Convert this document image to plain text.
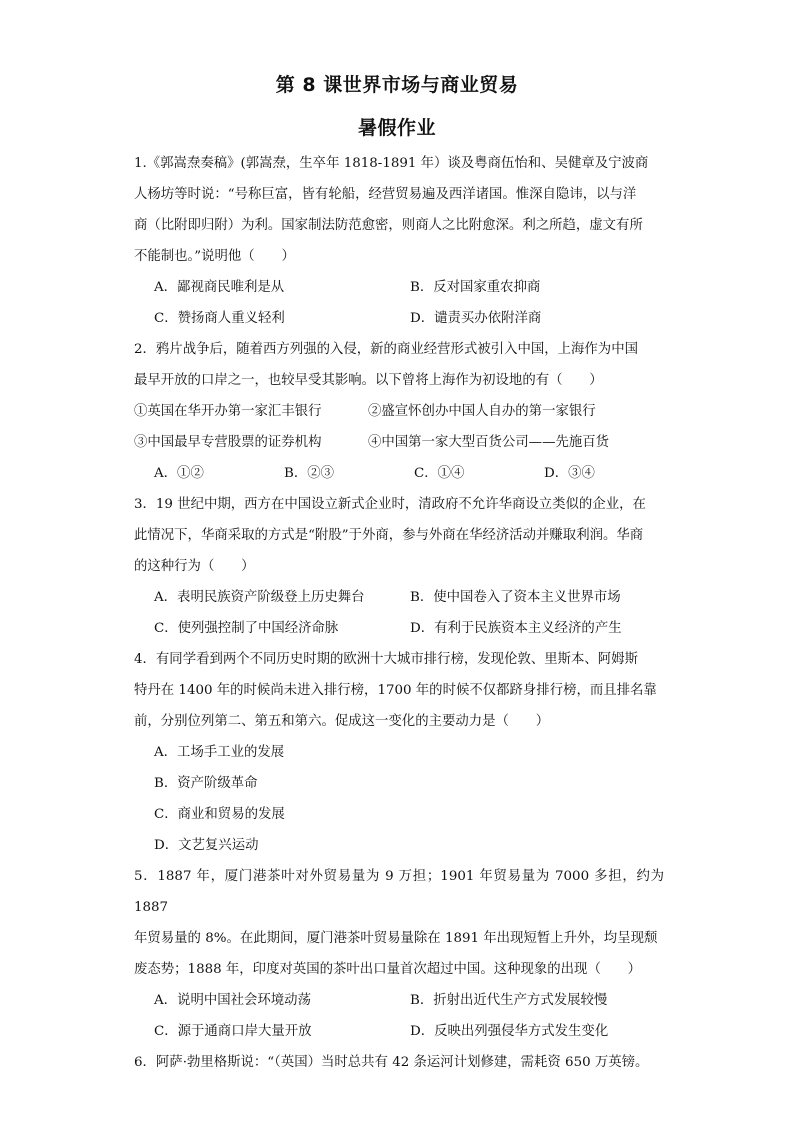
第 8 课世界市场与商业贸易
暑假作业

1.《郭嵩焘奏稿》(郭嵩焘，生卒年 1818-1891 年）谈及粤商伍怡和、吴健章及宁波商

人杨坊等时说：“号称巨富，皆有轮船，经营贸易遍及西洋诸国。惟深自隐讳，以与洋

商（比附即归附）为利。国家制法防范愈密，则商人之比附愈深。利之所趋，虚文有所

不能制也。”说明他（　　）

A．鄙视商民唯利是从	B．反对国家重农抑商
C．赞扬商人重义轻利	D．谴责买办依附洋商

2．鸦片战争后，随着西方列强的入侵，新的商业经营形式被引入中国，上海作为中国

最早开放的口岸之一，也较早受其影响。以下曾将上海作为初设地的有（　　）

①英国在华开办第一家汇丰银行	②盛宣怀创办中国人自办的第一家银行
③中国最早专营股票的证券机构	④中国第一家大型百货公司——先施百货
A．①②	B．②③	C．①④	D．③④

3．19 世纪中期，西方在中国设立新式企业时，清政府不允许华商设立类似的企业，在

此情况下，华商采取的方式是“附股”于外商，参与外商在华经济活动并赚取利润。华商

的这种行为（　　）

A．表明民族资产阶级登上历史舞台	B．使中国卷入了资本主义世界市场
C．使列强控制了中国经济命脉	D．有利于民族资本主义经济的产生

4．有同学看到两个不同历史时期的欧洲十大城市排行榜，发现伦敦、里斯本、阿姆斯

特丹在 1400 年的时候尚未进入排行榜，1700 年的时候不仅都跻身排行榜，而且排名靠

前，分别位列第二、第五和第六。促成这一变化的主要动力是（　　）

A．工场手工业的发展
B．资产阶级革命
C．商业和贸易的发展
D．文艺复兴运动

5．1887 年，厦门港茶叶对外贸易量为 9 万担；1901 年贸易量为 7000 多担，约为 1887

年贸易量的 8%。在此期间，厦门港茶叶贸易量除在 1891 年出现短暂上升外，均呈现颓

废态势；1888 年，印度对英国的茶叶出口量首次超过中国。这种现象的出现（　　）

A．说明中国社会环境动荡	B．折射出近代生产方式发展较慢
C．源于通商口岸大量开放	D．反映出列强侵华方式发生变化

6．阿萨·勃里格斯说：“（英国）当时总共有 42 条运河计划修建，需耗资 650 万英镑。
